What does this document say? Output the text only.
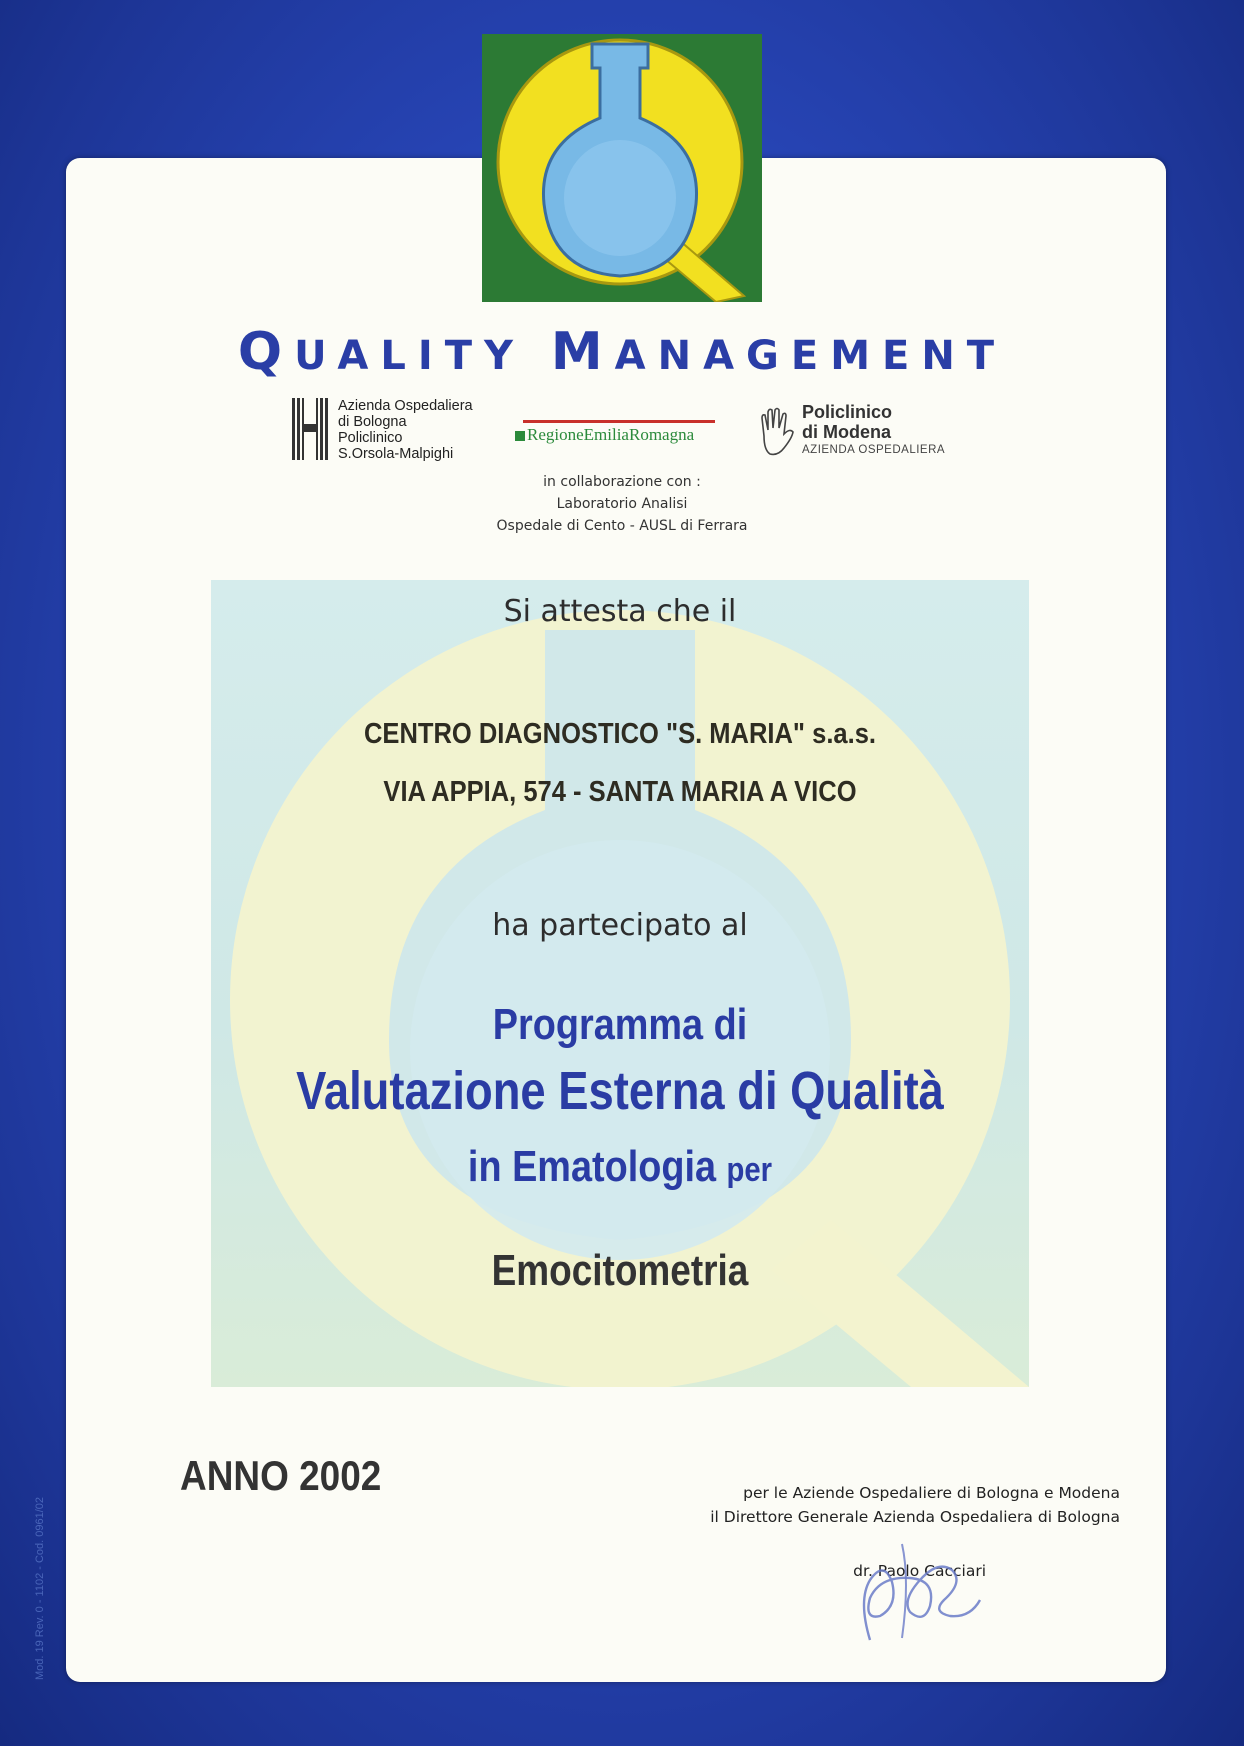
QUALITY MANAGEMENT
Azienda Ospedaliera
di Bologna
Policlinico
S.Orsola-Malpighi
RegioneEmiliaRomagna
Policlinico
di Modena
AZIENDA OSPEDALIERA
in collaborazione con :
Laboratorio Analisi
Ospedale di Cento - AUSL di Ferrara

Si attesta che il

CENTRO DIAGNOSTICO "S. MARIA" s.a.s.

VIA APPIA, 574 - SANTA MARIA A VICO

ha partecipato al

Programma di

Valutazione Esterna di Qualità

in Ematologia per

Emocitometria

ANNO 2002	per le Aziende Ospedaliere di Bologna e Modena
il Direttore Generale Azienda Ospedaliera di Bologna
dr. Paolo Cacciari
Mod. 19 Rev. 0 - 1102 - Cod. 0961/02
